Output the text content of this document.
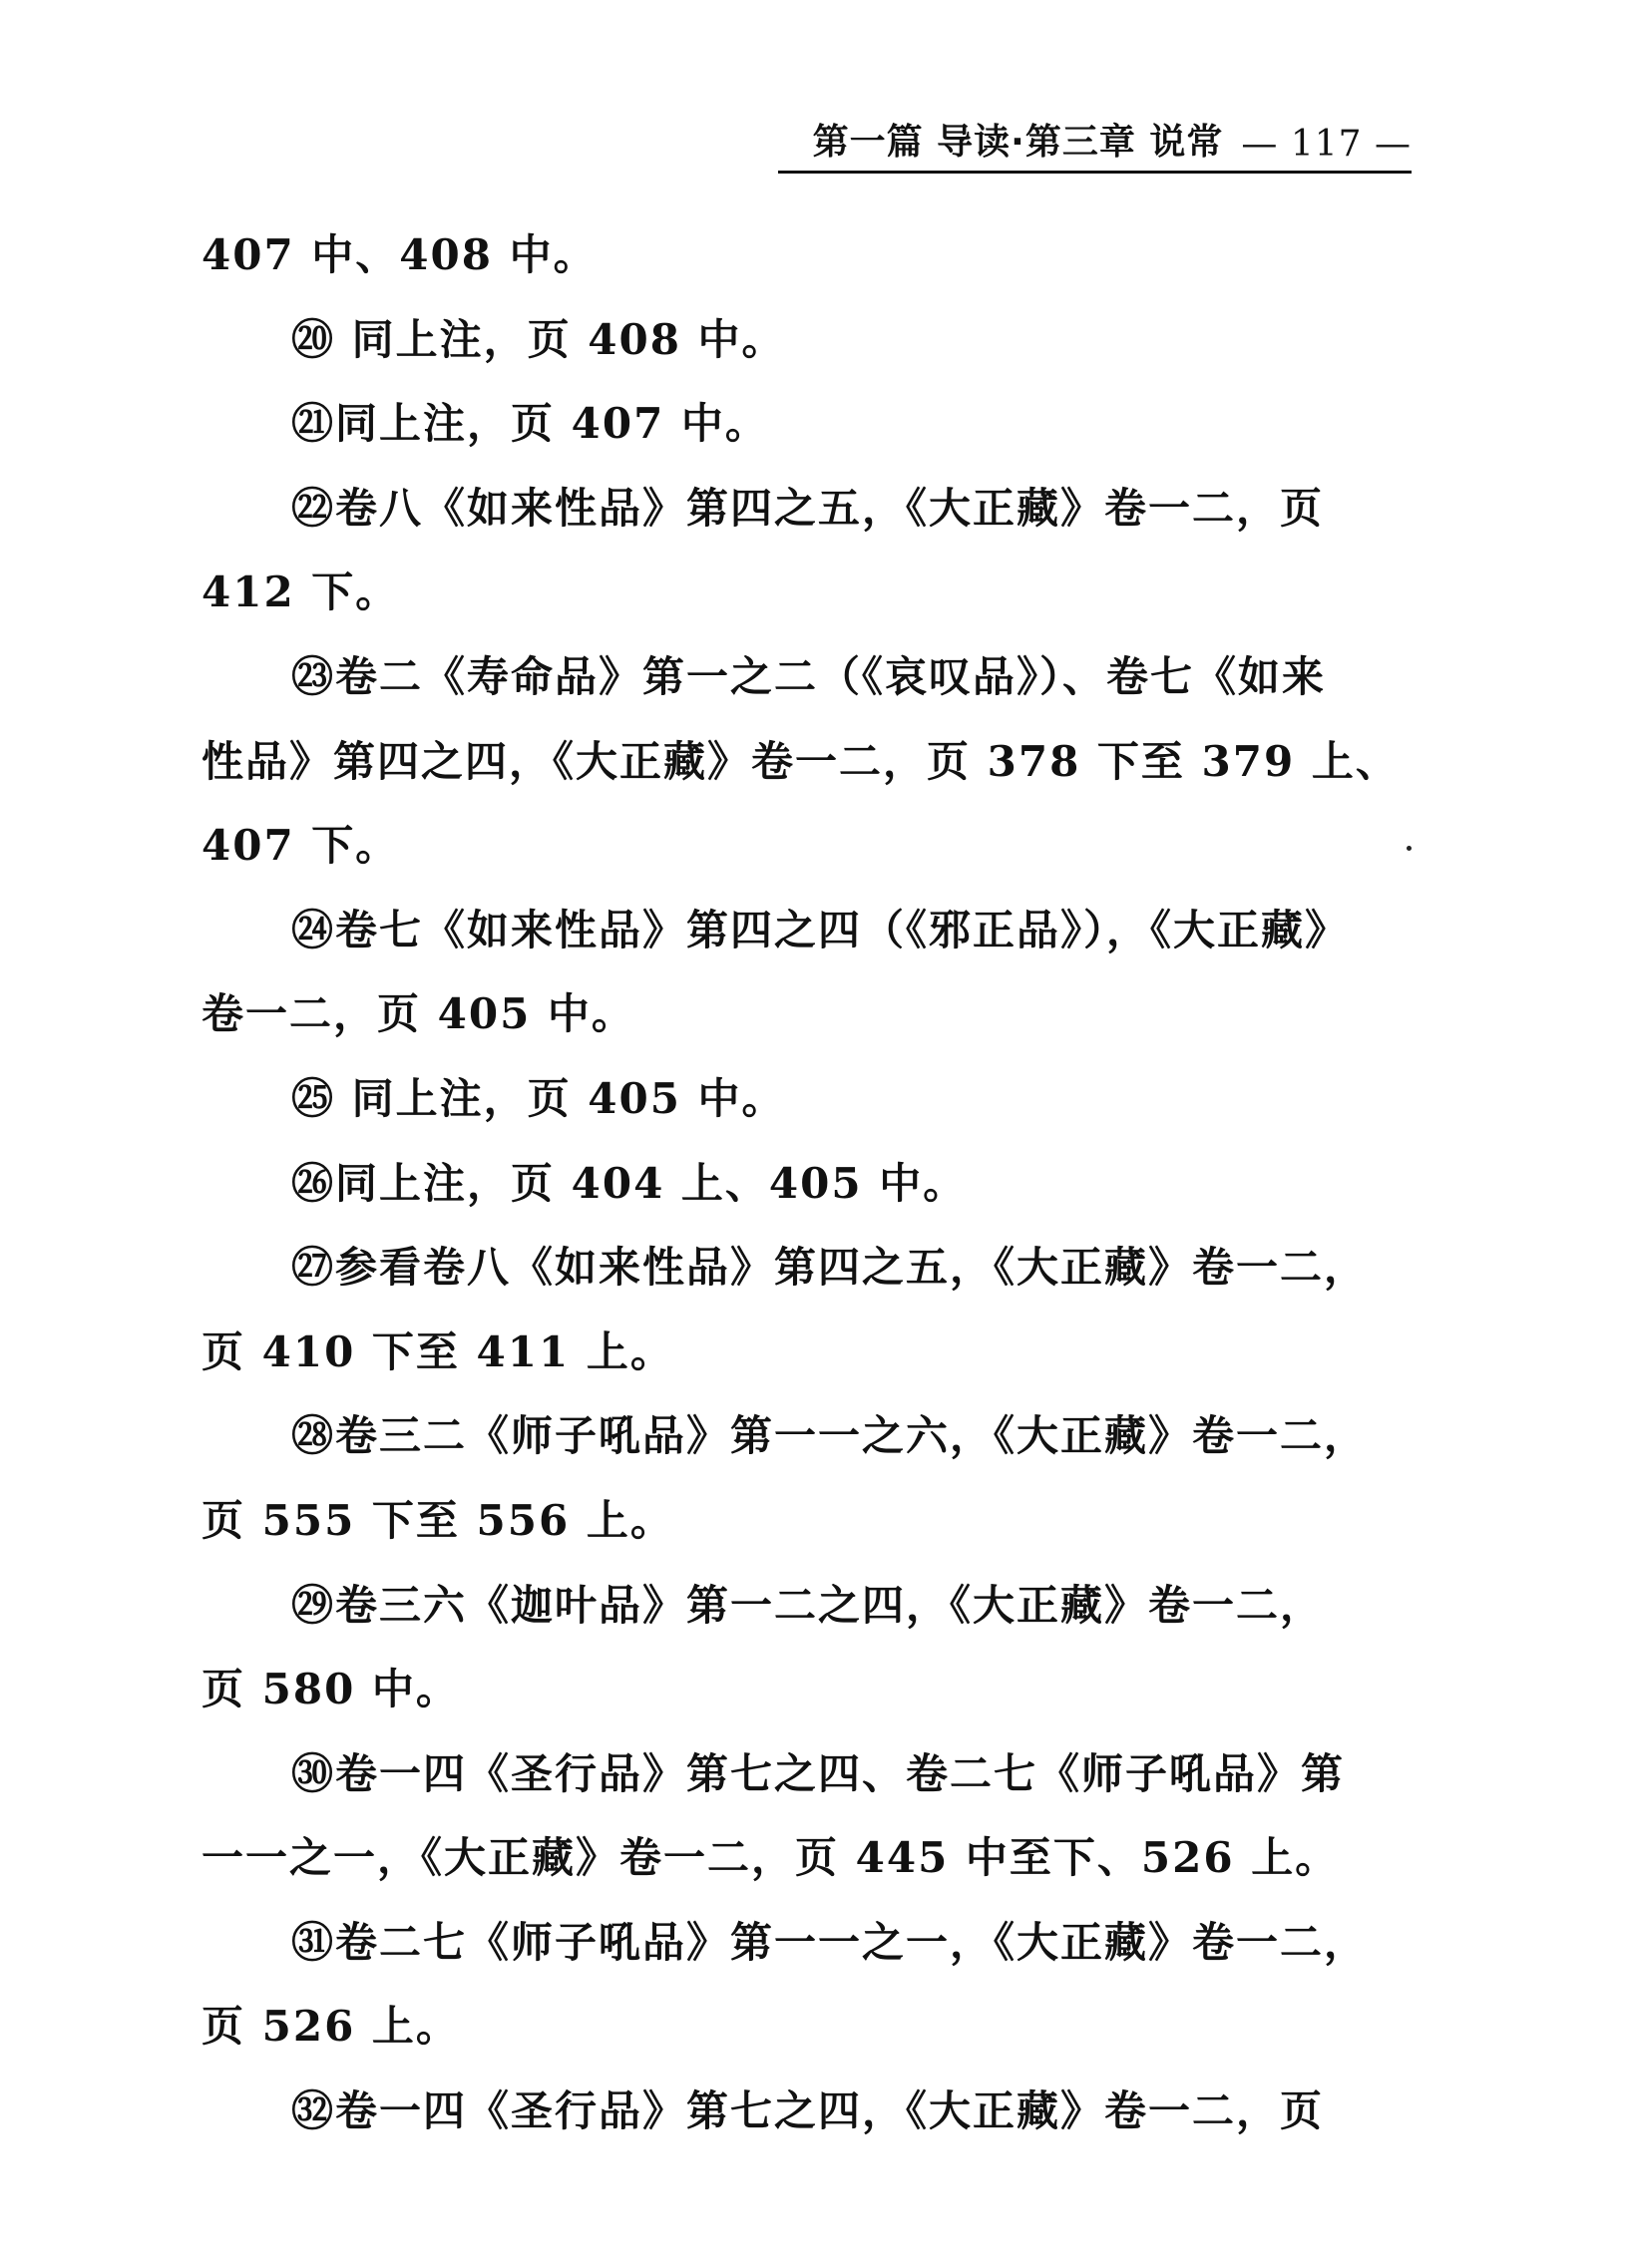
第一篇 导读·第三章 说常 — 117 —
407 中、408 中。
⑳ 同上注，页 408 中。
㉑同上注，页 407 中。
㉒卷八《如来性品》第四之五，《大正藏》卷一二，页
412 下。
㉓卷二《寿命品》第一之二（《哀叹品》）、卷七《如来
性品》第四之四，《大正藏》卷一二，页 378 下至 379 上、
407 下。
㉔卷七《如来性品》第四之四（《邪正品》），《大正藏》
卷一二，页 405 中。
㉕ 同上注，页 405 中。
㉖同上注，页 404 上、405 中。
㉗参看卷八《如来性品》第四之五，《大正藏》卷一二，
页 410 下至 411 上。
㉘卷三二《师子吼品》第一一之六，《大正藏》卷一二，
页 555 下至 556 上。
㉙卷三六《迦叶品》第一二之四，《大正藏》卷一二，
页 580 中。
㉚卷一四《圣行品》第七之四、卷二七《师子吼品》第
一一之一，《大正藏》卷一二，页 445 中至下、526 上。
㉛卷二七《师子吼品》第一一之一，《大正藏》卷一二，
页 526 上。
㉜卷一四《圣行品》第七之四，《大正藏》卷一二，页
